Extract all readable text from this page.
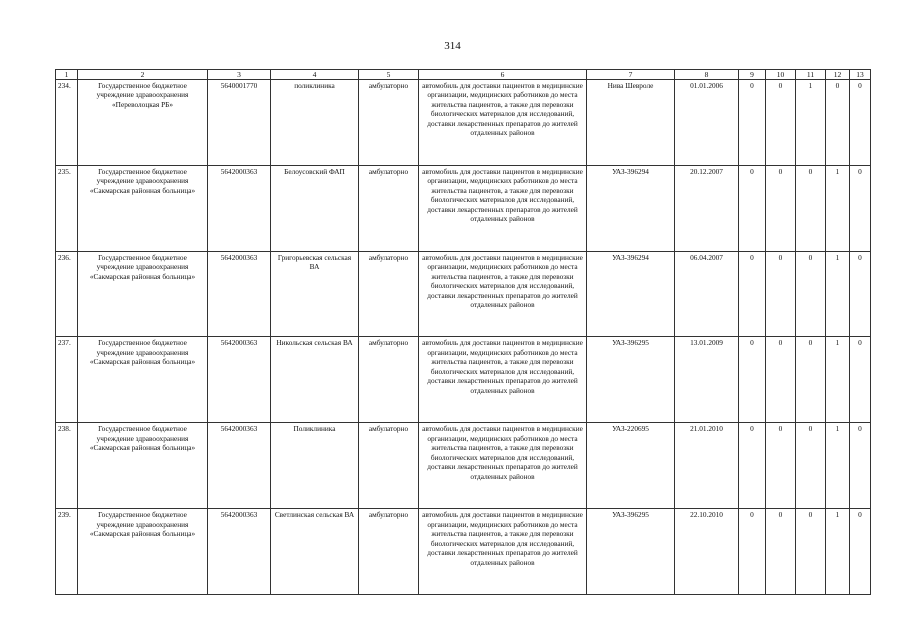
314
1	2	3	4	5	6	7	8	9	10	11	12	13
234.	Государственное бюджетное учреждение здравоохранения «Переволоцкая РБ»	5640001770	поликлиника	амбулаторно	автомобиль для доставки пациентов в медицинские организации, медицинских работников до места жительства пациентов, а также для перевозки биологических материалов для исследований, доставки лекарственных препаратов до жителей отдаленных районов	Нива Шевроле	01.01.2006	0	0	1	0	0
235.	Государственное бюджетное учреждение здравоохранения «Сакмарская районная больница»	5642000363	Белоусовский ФАП	амбулаторно	автомобиль для доставки пациентов в медицинские организации, медицинских работников до места жительства пациентов, а также для перевозки биологических материалов для исследований, доставки лекарственных препаратов до жителей отдаленных районов	УАЗ-396294	20.12.2007	0	0	0	1	0
236.	Государственное бюджетное учреждение здравоохранения «Сакмарская районная больница»	5642000363	Григорьевская сельская ВА	амбулаторно	автомобиль для доставки пациентов в медицинские организации, медицинских работников до места жительства пациентов, а также для перевозки биологических материалов для исследований, доставки лекарственных препаратов до жителей отдаленных районов	УАЗ-396294	06.04.2007	0	0	0	1	0
237.	Государственное бюджетное учреждение здравоохранения «Сакмарская районная больница»	5642000363	Никольская сельская ВА	амбулаторно	автомобиль для доставки пациентов в медицинские организации, медицинских работников до места жительства пациентов, а также для перевозки биологических материалов для исследований, доставки лекарственных препаратов до жителей отдаленных районов	УАЗ-396295	13.01.2009	0	0	0	1	0
238.	Государственное бюджетное учреждение здравоохранения «Сакмарская районная больница»	5642000363	Поликлиника	амбулаторно	автомобиль для доставки пациентов в медицинские организации, медицинских работников до места жительства пациентов, а также для перевозки биологических материалов для исследований, доставки лекарственных препаратов до жителей отдаленных районов	УАЗ-220695	21.01.2010	0	0	0	1	0
239.	Государственное бюджетное учреждение здравоохранения «Сакмарская районная больница»	5642000363	Светлинская сельская ВА	амбулаторно	автомобиль для доставки пациентов в медицинские организации, медицинских работников до места жительства пациентов, а также для перевозки биологических материалов для исследований, доставки лекарственных препаратов до жителей отдаленных районов	УАЗ-396295	22.10.2010	0	0	0	1	0
